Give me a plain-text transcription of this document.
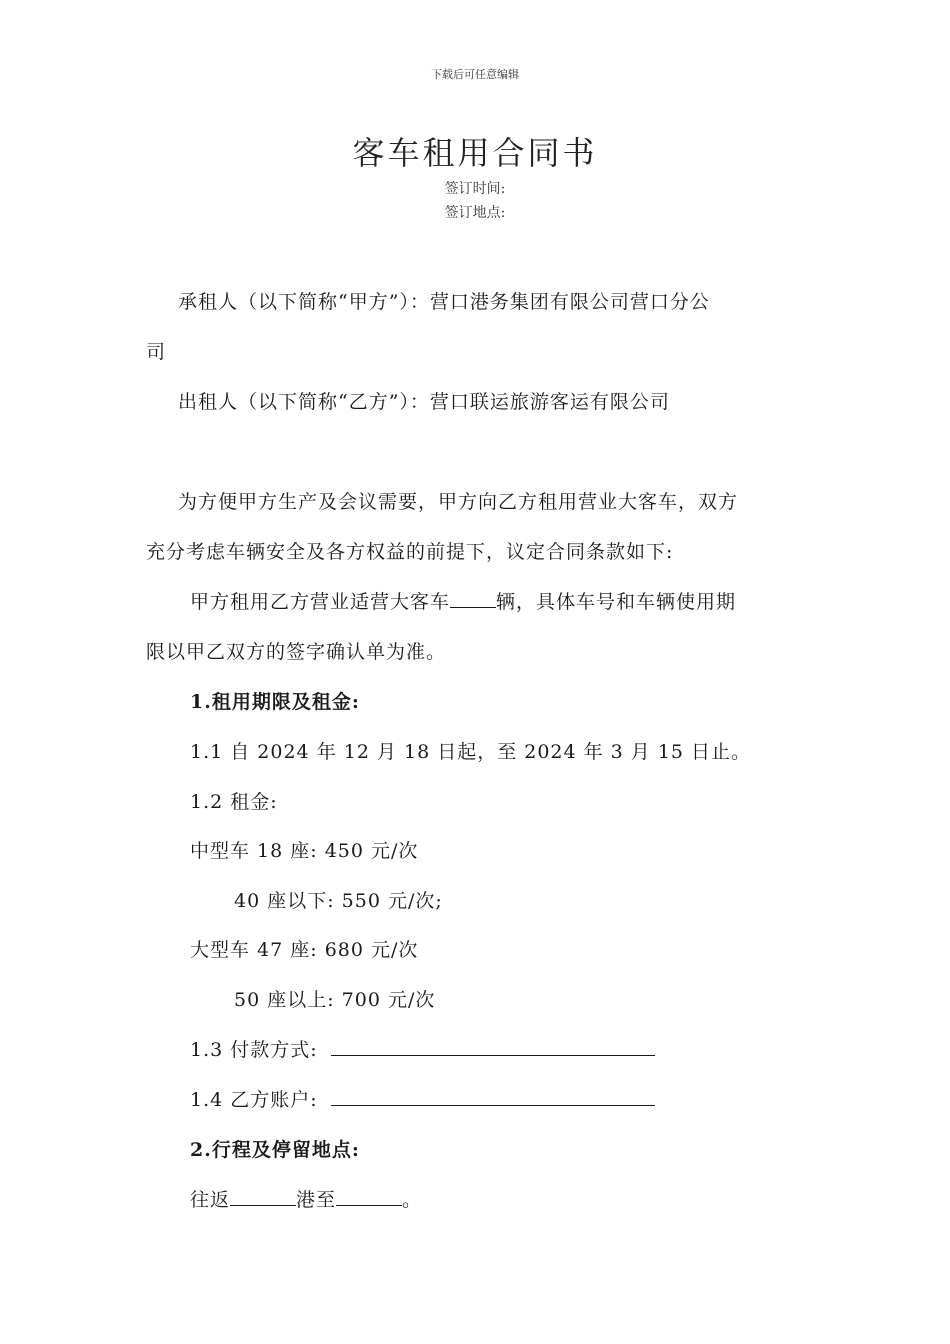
下载后可任意编辑
客车租用合同书
签订时间:
签订地点:
承租人（以下简称“甲方”）：营口港务集团有限公司营口分公
司
出租人（以下简称“乙方”）：营口联运旅游客运有限公司
为方便甲方生产及会议需要，甲方向乙方租用营业大客车，双方
充分考虑车辆安全及各方权益的前提下，议定合同条款如下:
甲方租用乙方营业适营大客车 辆，具体车号和车辆使用期
限以甲乙双方的签字确认单为准。
1.租用期限及租金:
1.1 自 2024 年 12 月 18 日起，至 2024 年 3 月 15 日止。
1.2 租金:
中型车 18 座: 450 元/次
40 座以下: 550 元/次;
大型车 47 座: 680 元/次
50 座以上: 700 元/次
1.3 付款方式:
1.4 乙方账户:
2.行程及停留地点:
往返	港至	。
